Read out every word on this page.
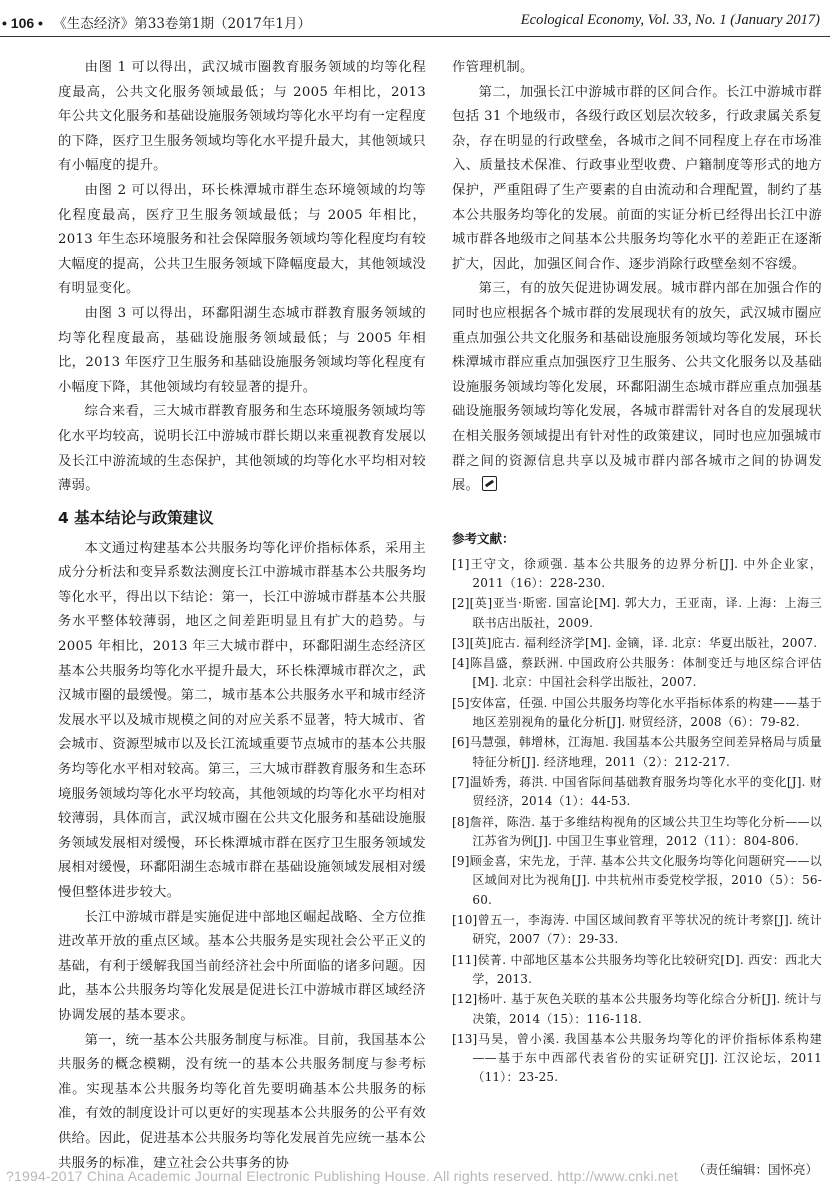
• 106 • 《生态经济》第33卷第1期（2017年1月）	Ecological Economy, Vol. 33, No. 1 (January 2017)

由图 1 可以得出，武汉城市圈教育服务领域的均等化程度最高，公共文化服务领域最低；与 2005 年相比，2013 年公共文化服务和基础设施服务领域均等化水平均有一定程度的下降，医疗卫生服务领域均等化水平提升最大，其他领域只有小幅度的提升。

由图 2 可以得出，环长株潭城市群生态环境领域的均等化程度最高，医疗卫生服务领域最低；与 2005 年相比，2013 年生态环境服务和社会保障服务领域均等化程度均有较大幅度的提高，公共卫生服务领域下降幅度最大，其他领域没有明显变化。

由图 3 可以得出，环鄱阳湖生态城市群教育服务领域的均等化程度最高，基础设施服务领域最低；与 2005 年相比，2013 年医疗卫生服务和基础设施服务领域均等化程度有小幅度下降，其他领域均有较显著的提升。

综合来看，三大城市群教育服务和生态环境服务领域均等化水平均较高，说明长江中游城市群长期以来重视教育发展以及长江中游流域的生态保护，其他领域的均等化水平均相对较薄弱。

4 基本结论与政策建议

本文通过构建基本公共服务均等化评价指标体系，采用主成分分析法和变异系数法测度长江中游城市群基本公共服务均等化水平，得出以下结论：第一，长江中游城市群基本公共服务水平整体较薄弱，地区之间差距明显且有扩大的趋势。与 2005 年相比，2013 年三大城市群中，环鄱阳湖生态经济区基本公共服务均等化水平提升最大，环长株潭城市群次之，武汉城市圈的最缓慢。第二，城市基本公共服务水平和城市经济发展水平以及城市规模之间的对应关系不显著，特大城市、省会城市、资源型城市以及长江流域重要节点城市的基本公共服务均等化水平相对较高。第三，三大城市群教育服务和生态环境服务领域均等化水平均较高，其他领域的均等化水平均相对较薄弱，具体而言，武汉城市圈在公共文化服务和基础设施服务领域发展相对缓慢，环长株潭城市群在医疗卫生服务领域发展相对缓慢，环鄱阳湖生态城市群在基础设施领域发展相对缓慢但整体进步较大。

长江中游城市群是实施促进中部地区崛起战略、全方位推进改革开放的重点区域。基本公共服务是实现社会公平正义的基础，有利于缓解我国当前经济社会中所面临的诸多问题。因此，基本公共服务均等化发展是促进长江中游城市群区域经济协调发展的基本要求。

第一，统一基本公共服务制度与标准。目前，我国基本公共服务的概念模糊，没有统一的基本公共服务制度与参考标准。实现基本公共服务均等化首先要明确基本公共服务的标准，有效的制度设计可以更好的实现基本公共服务的公平有效供给。因此，促进基本公共服务均等化发展首先应统一基本公共服务的标准，建立社会公共事务的协

作管理机制。

第二，加强长江中游城市群的区间合作。长江中游城市群包括 31 个地级市，各级行政区划层次较多，行政隶属关系复杂，存在明显的行政壁垒，各城市之间不同程度上存在市场准入、质量技术保准、行政事业型收费、户籍制度等形式的地方保护，严重阻碍了生产要素的自由流动和合理配置，制约了基本公共服务均等化的发展。前面的实证分析已经得出长江中游城市群各地级市之间基本公共服务均等化水平的差距正在逐渐扩大，因此，加强区间合作、逐步消除行政壁垒刻不容缓。

第三，有的放矢促进协调发展。城市群内部在加强合作的同时也应根据各个城市群的发展现状有的放矢，武汉城市圈应重点加强公共文化服务和基础设施服务领域均等化发展，环长株潭城市群应重点加强医疗卫生服务、公共文化服务以及基础设施服务领域均等化发展，环鄱阳湖生态城市群应重点加强基础设施服务领域均等化发展，各城市群需针对各自的发展现状在相关服务领域提出有针对性的政策建议，同时也应加强城市群之间的资源信息共享以及城市群内部各城市之间的协调发展。

参考文献：
[1]王守文，徐顽强. 基本公共服务的边界分析[J]. 中外企业家，2011（16）：228-230.
[2][英]亚当·斯密. 国富论[M]. 郭大力，王亚南，译. 上海：上海三联书店出版社，2009.
[3][英]庇古. 福利经济学[M]. 金镝，译. 北京：华夏出版社，2007.
[4]陈昌盛，蔡跃洲. 中国政府公共服务：体制变迁与地区综合评估[M]. 北京：中国社会科学出版社，2007.
[5]安体富，任强. 中国公共服务均等化水平指标体系的构建——基于地区差别视角的量化分析[J]. 财贸经济，2008（6）：79-82.
[6]马慧强，韩增林，江海旭. 我国基本公共服务空间差异格局与质量特征分析[J]. 经济地理，2011（2）：212-217.
[7]温娇秀，蒋洪. 中国省际间基础教育服务均等化水平的变化[J]. 财贸经济，2014（1）：44-53.
[8]詹祥，陈浩. 基于多维结构视角的区域公共卫生均等化分析——以江苏省为例[J]. 中国卫生事业管理，2012（11）：804-806.
[9]顾金喜，宋先龙，于萍. 基本公共文化服务均等化问题研究——以区域间对比为视角[J]. 中共杭州市委党校学报，2010（5）：56-60.
[10]曾五一，李海涛. 中国区域间教育平等状况的统计考察[J]. 统计研究，2007（7）：29-33.
[11]侯菁. 中部地区基本公共服务均等化比较研究[D]. 西安：西北大学，2013.
[12]杨叶. 基于灰色关联的基本公共服务均等化综合分析[J]. 统计与决策，2014（15）：116-118.
[13]马昊，曾小溪. 我国基本公共服务均等化的评价指标体系构建——基于东中西部代表省份的实证研究[J]. 江汉论坛，2011（11）：23-25.
（责任编辑：国怀亮）
?1994-2017 China Academic Journal Electronic Publishing House. All rights reserved. http://www.cnki.net
